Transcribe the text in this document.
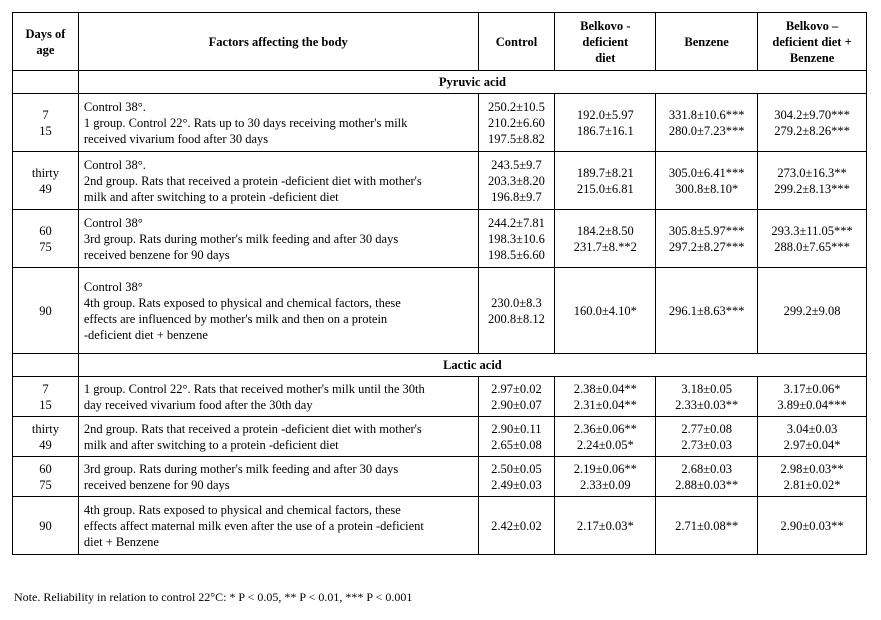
Days of
age	Factors affecting the body	Control	Belkovo -
deficient
diet	Benzene	Belkovo –
deficient diet +
Benzene

	Pyruvic acid				

7
15	Control 38°.
1 group. Control 22°. Rats up to 30 days receiving mother's milk
received vivarium food after 30 days	250.2±10.5
210.2±6.60
197.5±8.82	192.0±5.97
186.7±16.1	331.8±10.6***
280.0±7.23***	304.2±9.70***
279.2±8.26***

thirty
49	Control 38°.
2nd group. Rats that received a protein -deficient diet with mother's
milk and after switching to a protein -deficient diet	243.5±9.7
203.3±8.20
196.8±9.7	189.7±8.21
215.0±6.81	305.0±6.41***
300.8±8.10*	273.0±16.3**
299.2±8.13***

60
75	Control 38°
3rd group. Rats during mother's milk feeding and after 30 days
received benzene for 90 days	244.2±7.81
198.3±10.6
198.5±6.60	184.2±8.50
231.7±8.**2	305.8±5.97***
297.2±8.27***	293.3±11.05***
288.0±7.65***

90	Control 38°
4th group. Rats exposed to physical and chemical factors, these
effects are influenced by mother's milk and then on a protein
-deficient diet + benzene	230.0±8.3
200.8±8.12	160.0±4.10*	296.1±8.63***	299.2±9.08

	Lactic acid				

7
15	1 group. Control 22°. Rats that received mother's milk until the 30th
day received vivarium food after the 30th day	2.97±0.02
2.90±0.07	2.38±0.04**
2.31±0.04**	3.18±0.05
2.33±0.03**	3.17±0.06*
3.89±0.04***

thirty
49	2nd group. Rats that received a protein -deficient diet with mother's
milk and after switching to a protein -deficient diet	2.90±0.11
2.65±0.08	2.36±0.06**
2.24±0.05*	2.77±0.08
2.73±0.03	3.04±0.03
2.97±0.04*

60
75	3rd group. Rats during mother's milk feeding and after 30 days
received benzene for 90 days	2.50±0.05
2.49±0.03	2.19±0.06**
2.33±0.09	2.68±0.03
2.88±0.03**	2.98±0.03**
2.81±0.02*

90	4th group. Rats exposed to physical and chemical factors, these
effects affect maternal milk even after the use of a protein -deficient
diet + Benzene	2.42±0.02	2.17±0.03*	2.71±0.08**	2.90±0.03**
Note. Reliability in relation to control 22°C: * P < 0.05, ** P < 0.01, *** P < 0.001
